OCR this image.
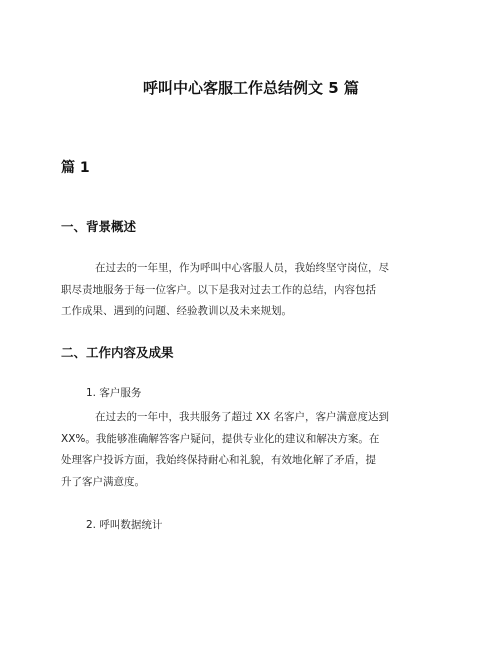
呼叫中心客服工作总结例文 5 篇
篇 1
一、背景概述
在过去的一年里，作为呼叫中心客服人员，我始终坚守岗位，尽
职尽责地服务于每一位客户。以下是我对过去工作的总结，内容包括
工作成果、遇到的问题、经验教训以及未来规划。
二、工作内容及成果
1. 客户服务
在过去的一年中，我共服务了超过 XX 名客户，客户满意度达到
XX%。我能够准确解答客户疑问，提供专业化的建议和解决方案。在
处理客户投诉方面，我始终保持耐心和礼貌，有效地化解了矛盾，提
升了客户满意度。
2. 呼叫数据统计
